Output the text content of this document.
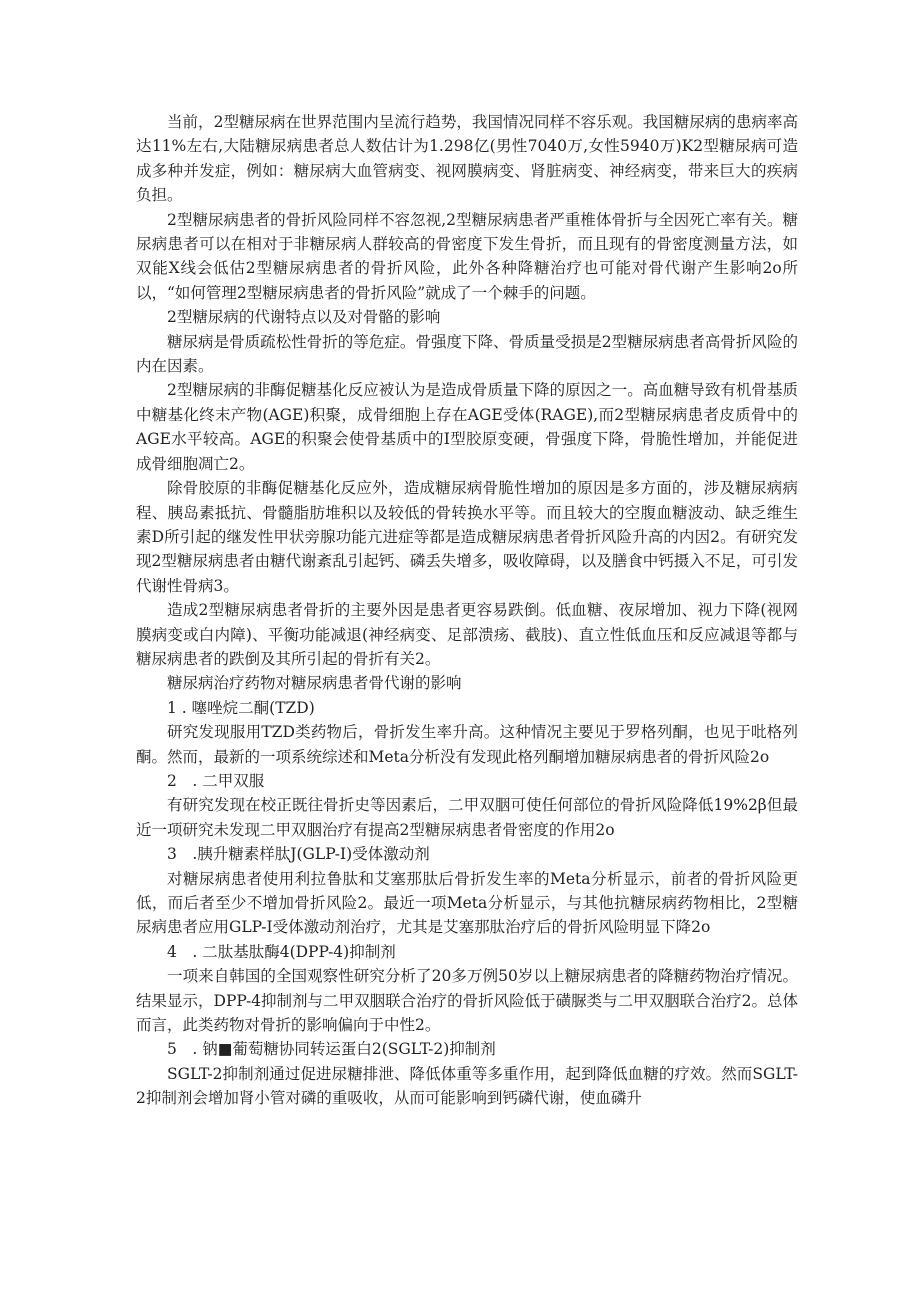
当前，2型糖尿病在世界范围内呈流行趋势，我国情况同样不容乐观。我国糖尿病的患病率高达11%左右,大陆糖尿病患者总人数估计为1.298亿(男性7040万,女性5940万)K2型糖尿病可造成多种并发症，例如：糖尿病大血管病变、视网膜病变、肾脏病变、神经病变，带来巨大的疾病负担。

2型糖尿病患者的骨折风险同样不容忽视,2型糖尿病患者严重椎体骨折与全因死亡率有关。糖尿病患者可以在相对于非糖尿病人群较高的骨密度下发生骨折，而且现有的骨密度测量方法，如双能X线会低估2型糖尿病患者的骨折风险，此外各种降糖治疗也可能对骨代谢产生影响2o所以，“如何管理2型糖尿病患者的骨折风险”就成了一个棘手的问题。

2型糖尿病的代谢特点以及对骨骼的影响

糖尿病是骨质疏松性骨折的等危症。骨强度下降、骨质量受损是2型糖尿病患者高骨折风险的内在因素。

2型糖尿病的非酶促糖基化反应被认为是造成骨质量下降的原因之一。高血糖导致有机骨基质中糖基化终末产物(AGE)积聚，成骨细胞上存在AGE受体(RAGE),而2型糖尿病患者皮质骨中的AGE水平较高。AGE的积聚会使骨基质中的I型胶原变硬，骨强度下降，骨脆性增加，并能促进成骨细胞凋亡2。

除骨胶原的非酶促糖基化反应外，造成糖尿病骨脆性增加的原因是多方面的，涉及糖尿病病程、胰岛素抵抗、骨髓脂肪堆积以及较低的骨转换水平等。而且较大的空腹血糖波动、缺乏维生素D所引起的继发性甲状旁腺功能亢进症等都是造成糖尿病患者骨折风险升高的内因2。有研究发现2型糖尿病患者由糖代谢紊乱引起钙、磷丢失增多，吸收障碍，以及膳食中钙摄入不足，可引发代谢性骨病3。

造成2型糖尿病患者骨折的主要外因是患者更容易跌倒。低血糖、夜尿增加、视力下降(视网膜病变或白内障)、平衡功能减退(神经病变、足部溃疡、截肢)、直立性低血压和反应减退等都与糖尿病患者的跌倒及其所引起的骨折有关2。

糖尿病治疗药物对糖尿病患者骨代谢的影响

1 . 噻唑烷二酮(TZD)

研究发现服用TZD类药物后，骨折发生率升高。这种情况主要见于罗格列酮，也见于吡格列酮。然而，最新的一项系统综述和Meta分析没有发现此格列酮增加糖尿病患者的骨折风险2o

2　. 二甲双服

有研究发现在校正既往骨折史等因素后，二甲双胭可使任何部位的骨折风险降低19%2β但最近一项研究未发现二甲双胭治疗有提高2型糖尿病患者骨密度的作用2o

3　.胰升糖素样肽J(GLP-I)受体激动剂

对糖尿病患者使用利拉鲁肽和艾塞那肽后骨折发生率的Meta分析显示，前者的骨折风险更低，而后者至少不增加骨折风险2。最近一项Meta分析显示，与其他抗糖尿病药物相比，2型糖尿病患者应用GLP-I受体激动剂治疗，尤其是艾塞那肽治疗后的骨折风险明显下降2o

4　. 二肽基肽酶4(DPP-4)抑制剂

一项来自韩国的全国观察性研究分析了20多万例50岁以上糖尿病患者的降糖药物治疗情况。结果显示，DPP-4抑制剂与二甲双胭联合治疗的骨折风险低于磺脲类与二甲双胭联合治疗2。总体而言，此类药物对骨折的影响偏向于中性2。

5　. 钠■葡萄糖协同转运蛋白2(SGLT-2)抑制剂

SGLT-2抑制剂通过促进尿糖排泄、降低体重等多重作用，起到降低血糖的疗效。然而SGLT-2抑制剂会增加肾小管对磷的重吸收，从而可能影响到钙磷代谢，使血磷升
